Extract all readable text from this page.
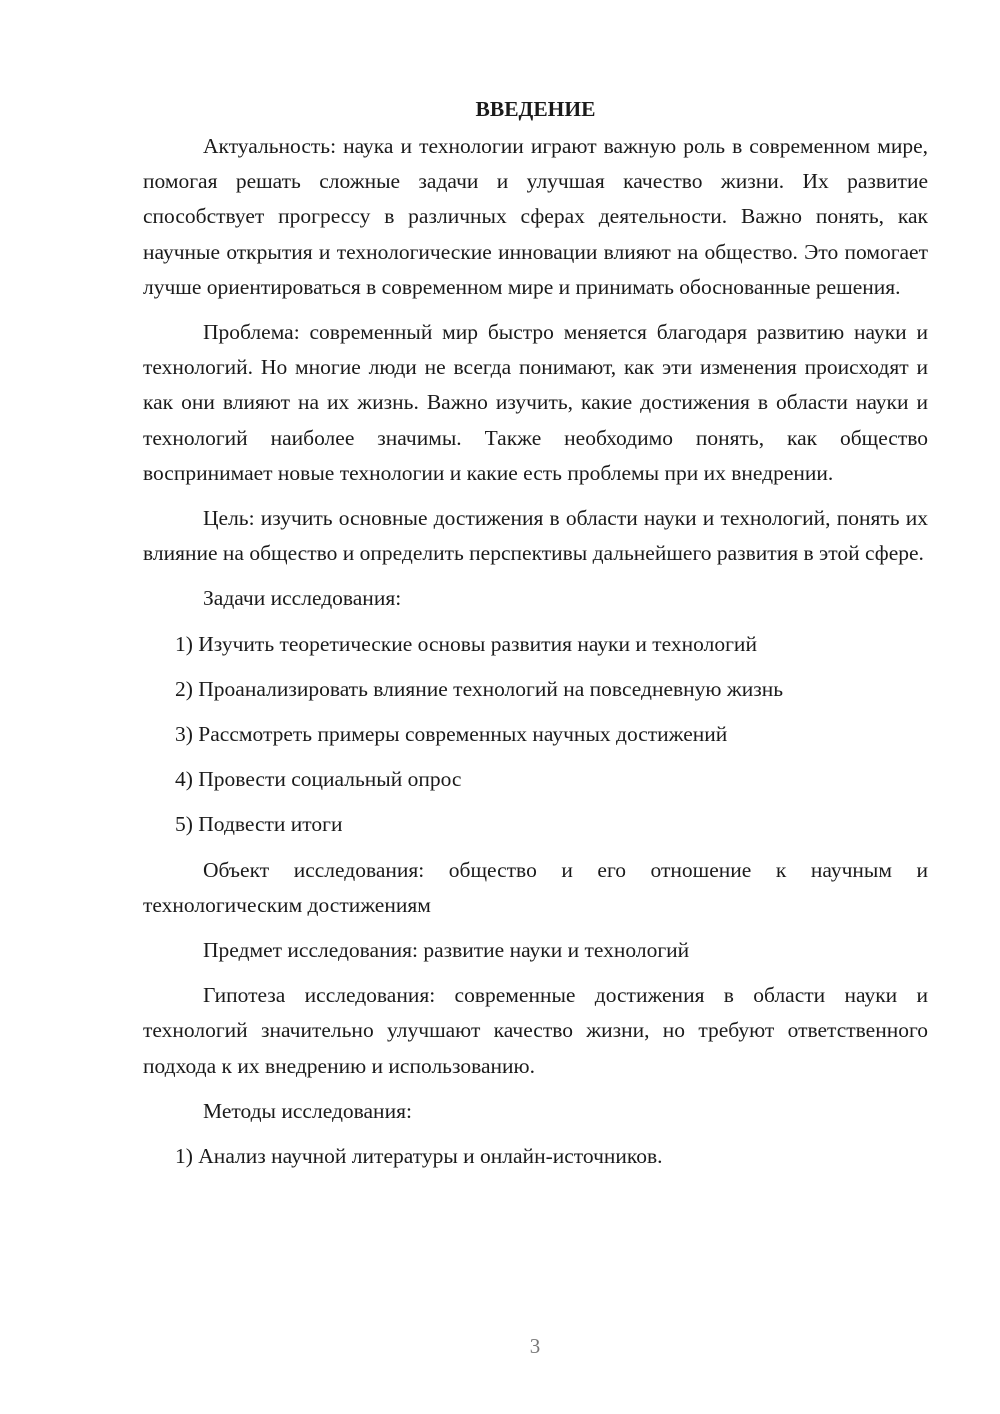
ВВЕДЕНИЕ

Актуальность: наука и технологии играют важную роль в современном мире, помогая решать сложные задачи и улучшая качество жизни. Их развитие способствует прогрессу в различных сферах деятельности. Важно понять, как научные открытия и технологические инновации влияют на общество. Это помогает лучше ориентироваться в современном мире и принимать обоснованные решения.

Проблема: современный мир быстро меняется благодаря развитию науки и технологий. Но многие люди не всегда понимают, как эти изменения происходят и как они влияют на их жизнь. Важно изучить, какие достижения в области науки и технологий наиболее значимы. Также необходимо понять, как общество воспринимает новые технологии и какие есть проблемы при их внедрении.

Цель: изучить основные достижения в области науки и технологий, понять их влияние на общество и определить перспективы дальнейшего развития в этой сфере.

Задачи исследования:

1) Изучить теоретические основы развития науки и технологий
2) Проанализировать влияние технологий на повседневную жизнь
3) Рассмотреть примеры современных научных достижений
4) Провести социальный опрос
5) Подвести итоги

Объект исследования: общество и его отношение к научным и технологическим достижениям

Предмет исследования: развитие науки и технологий

Гипотеза исследования: современные достижения в области науки и технологий значительно улучшают качество жизни, но требуют ответственного подхода к их внедрению и использованию.

Методы исследования:

1) Анализ научной литературы и онлайн-источников.
3
